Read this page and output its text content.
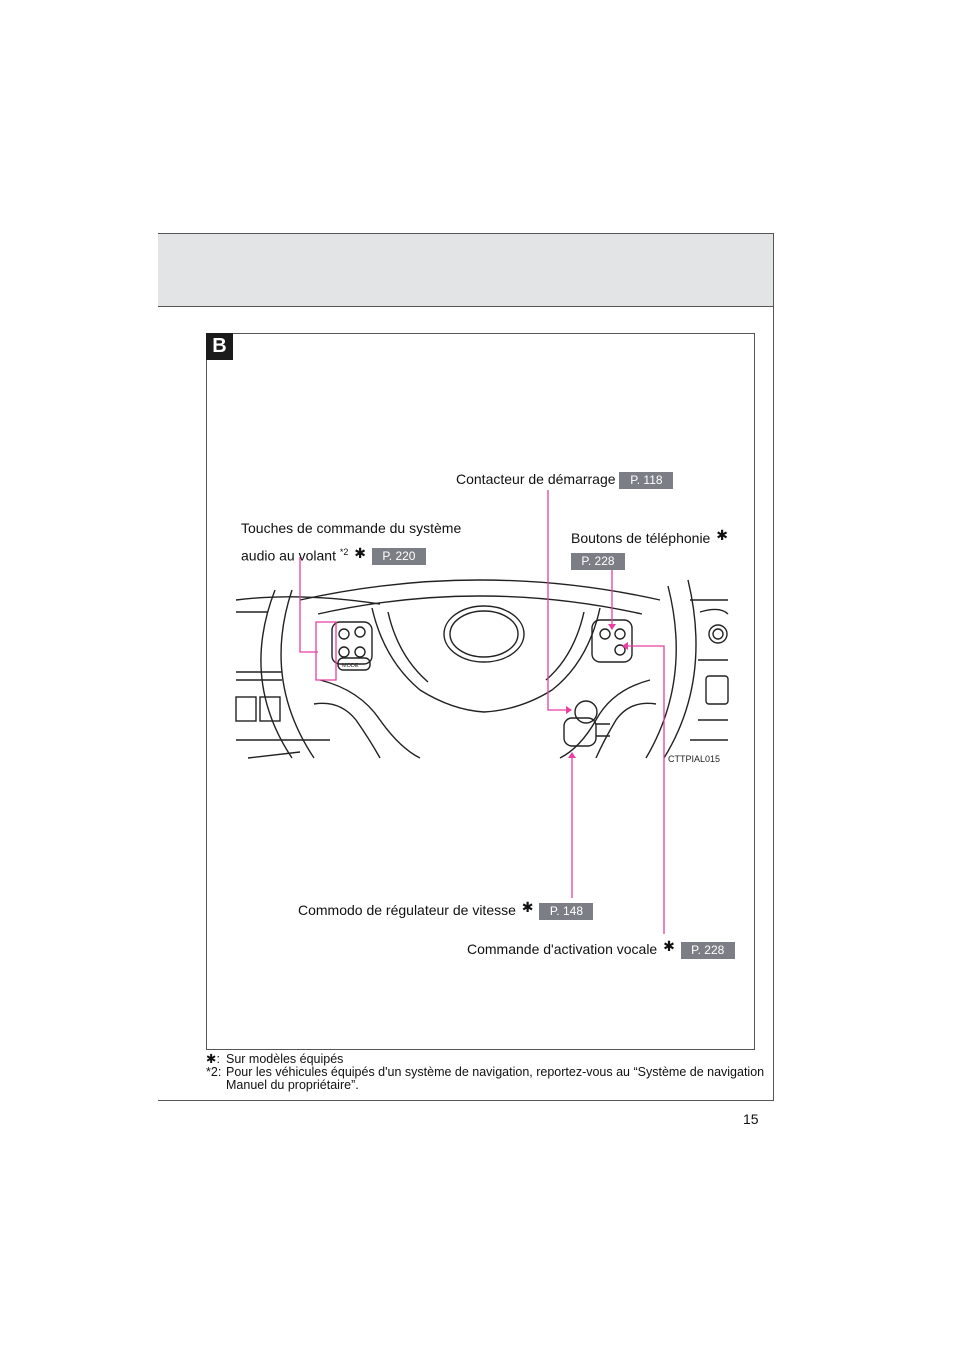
B
MODE
CTTPIAL015
Contacteur de démarrage P. 118
Touches de commande du système
audio au volant $^{*2}$ ✱ P. 220
Boutons de téléphonie ✱
P. 228
Commodo de régulateur de vitesse ✱ P. 148
Commande d'activation vocale ✱ P. 228
✱: Sur modèles équipés
*2: Pour les véhicules équipés d'un système de navigation, reportez-vous au “Système de navigation Manuel du propriétaire”.
15
